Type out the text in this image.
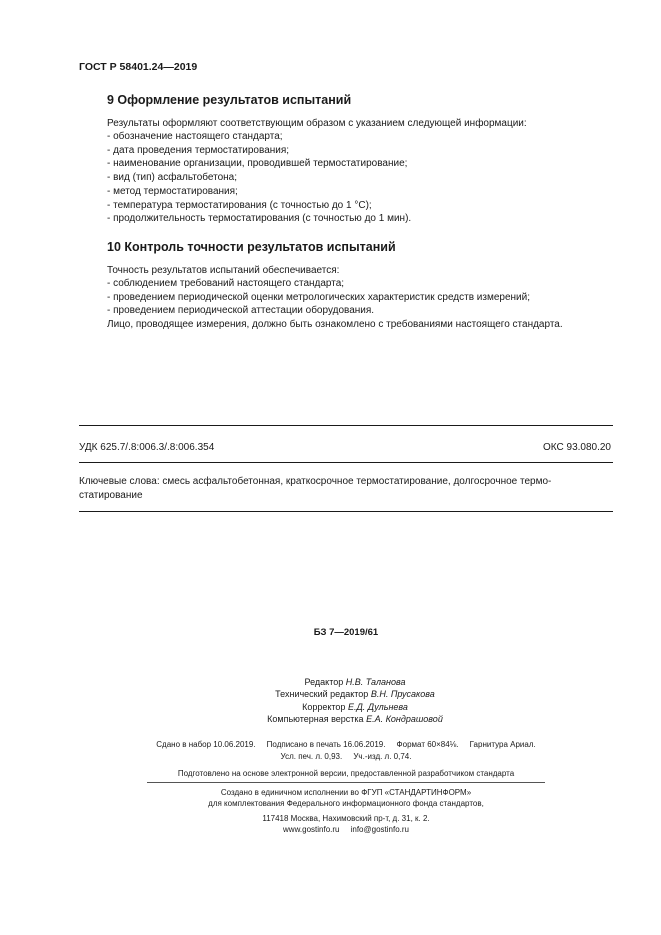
ГОСТ Р 58401.24—2019
9 Оформление результатов испытаний
Результаты оформляют соответствующим образом с указанием следующей информации:
- обозначение настоящего стандарта;
- дата проведения термостатирования;
- наименование организации, проводившей термостатирование;
- вид (тип) асфальтобетона;
- метод термостатирования;
- температура термостатирования (с точностью до 1 °С);
- продолжительность термостатирования (с точностью до 1 мин).
10 Контроль точности результатов испытаний
Точность результатов испытаний обеспечивается:
- соблюдением требований настоящего стандарта;
- проведением периодической оценки метрологических характеристик средств измерений;
- проведением периодической аттестации оборудования.
Лицо, проводящее измерения, должно быть ознакомлено с требованиями настоящего стандарта.
УДК 625.7/.8:006.3/.8:006.354	ОКС 93.080.20
Ключевые слова: смесь асфальтобетонная, краткосрочное термостатирование, долгосрочное термо-
статирование
БЗ 7—2019/61
Редактор Н.В. Таланова
Технический редактор В.Н. Прусакова
Корректор Е.Д. Дульнева
Компьютерная верстка Е.А. Кондрашовой
Сдано в набор 10.06.2019.     Подписано в печать 16.06.2019.     Формат 60×84⅛.     Гарнитура Ариал.
Усл. печ. л. 0,93.     Уч.-изд. л. 0,74.
Подготовлено на основе электронной версии, предоставленной разработчиком стандарта
Создано в единичном исполнении во ФГУП «СТАНДАРТИНФОРМ»
для комплектования Федерального информационного фонда стандартов,
117418 Москва, Нахимовский пр-т, д. 31, к. 2.
www.gostinfo.ru     info@gostinfo.ru
